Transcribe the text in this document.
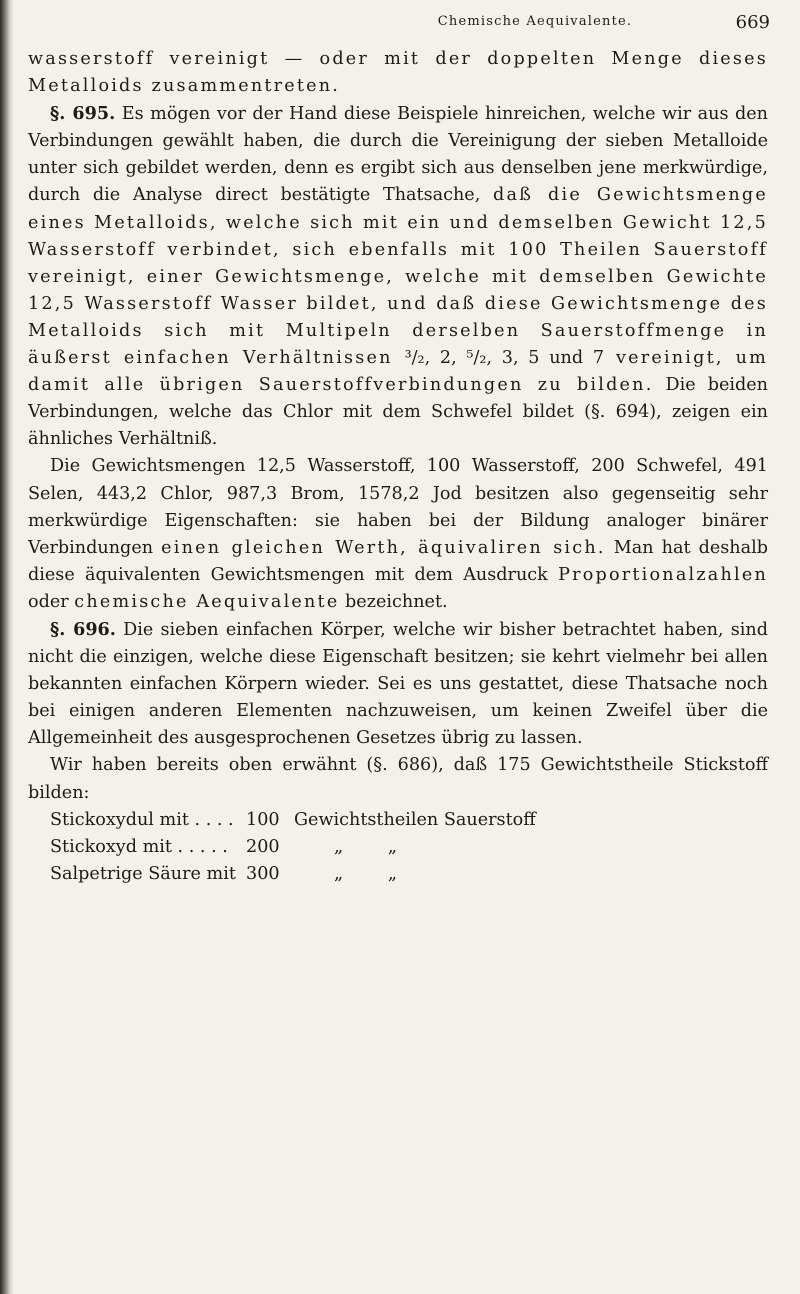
Chemische Aequivalente.	669

wasserstoff vereinigt — oder mit der doppelten Menge dieses Metalloids zusammentreten.

§. 695. Es mögen vor der Hand diese Beispiele hinreichen, welche wir aus den Verbindungen gewählt haben, die durch die Vereinigung der sieben Metalloide unter sich gebildet werden, denn es ergibt sich aus denselben jene merkwürdige, durch die Analyse direct bestätigte Thatsache, daß die Gewichtsmenge eines Metalloids, welche sich mit ein und demselben Gewicht 12,5 Wasserstoff verbindet, sich ebenfalls mit 100 Theilen Sauerstoff vereinigt, einer Gewichtsmenge, welche mit demselben Gewichte 12,5 Wasserstoff Wasser bildet, und daß diese Gewichtsmenge des Metalloids sich mit Multipeln derselben Sauerstoffmenge in äußerst einfachen Verhältnissen ³/₂, 2, ⁵/₂, 3, 5 und 7 vereinigt, um damit alle übrigen Sauerstoffverbindungen zu bilden. Die beiden Verbindungen, welche das Chlor mit dem Schwefel bildet (§. 694), zeigen ein ähnliches Verhältniß.

Die Gewichtsmengen 12,5 Wasserstoff, 100 Wasserstoff, 200 Schwefel, 491 Selen, 443,2 Chlor, 987,3 Brom, 1578,2 Jod besitzen also gegenseitig sehr merkwürdige Eigenschaften: sie haben bei der Bildung analoger binärer Verbindungen einen gleichen Werth, äquivaliren sich. Man hat deshalb diese äquivalenten Gewichtsmengen mit dem Ausdruck Proportionalzahlen oder chemische Aequivalente bezeichnet.

§. 696. Die sieben einfachen Körper, welche wir bisher betrachtet haben, sind nicht die einzigen, welche diese Eigenschaft besitzen; sie kehrt vielmehr bei allen bekannten einfachen Körpern wieder. Sei es uns gestattet, diese Thatsache noch bei einigen anderen Elementen nachzuweisen, um keinen Zweifel über die Allgemeinheit des ausgesprochenen Gesetzes übrig zu lassen.

Wir haben bereits oben erwähnt (§. 686), daß 175 Gewichtstheile Stickstoff bilden:

Stickoxydul mit . . . . 100 Gewichtstheilen Sauerstoff
Stickoxyd mit . . . . .	200	„        „
Salpetrige Säure mit 300	„        „
